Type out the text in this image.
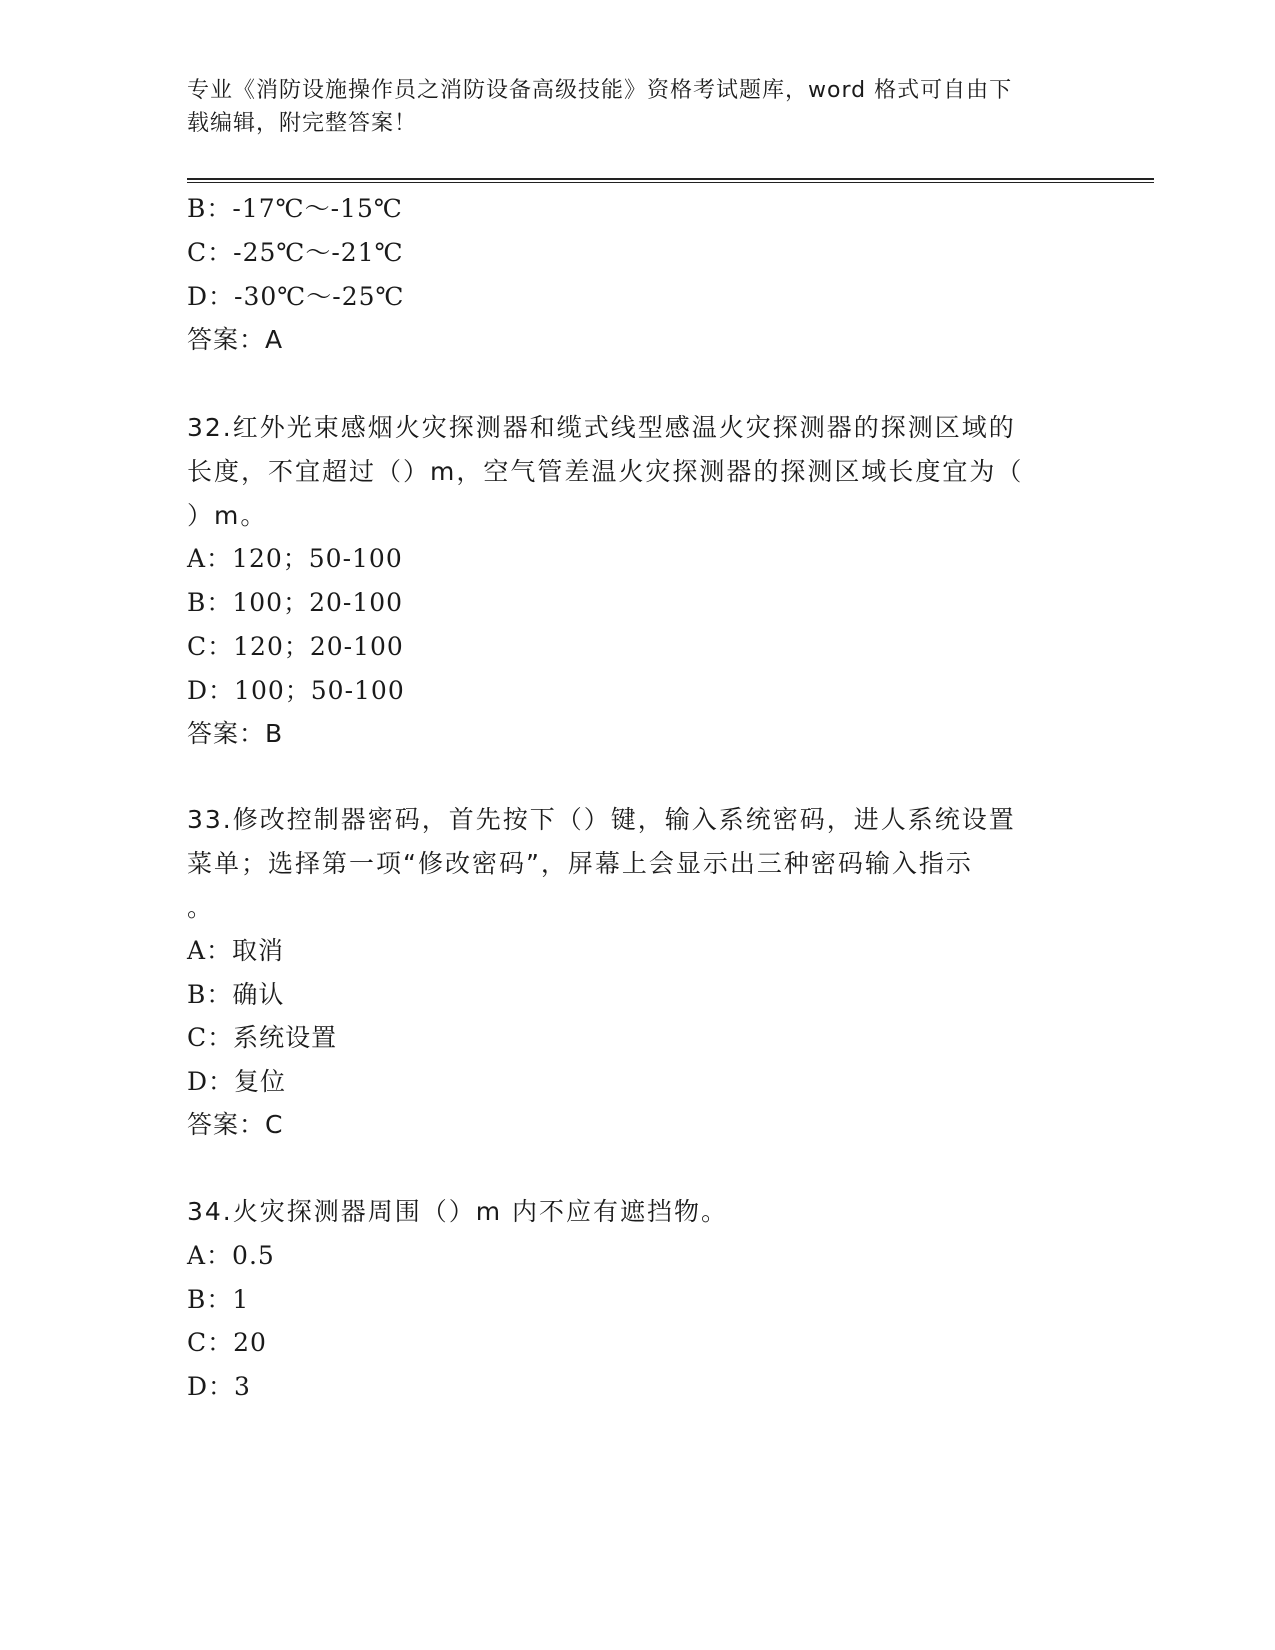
专业《消防设施操作员之消防设备高级技能》资格考试题库，word 格式可自由下
载编辑，附完整答案！
B：-17℃～-15℃
C：-25℃～-21℃
D：-30℃～-25℃
答案：A
32.红外光束感烟火灾探测器和缆式线型感温火灾探测器的探测区域的
长度，不宜超过（）m，空气管差温火灾探测器的探测区域长度宜为（
）m。
A：120；50-100
B：100；20-100
C：120；20-100
D：100；50-100
答案：B
33.修改控制器密码，首先按下（）键，输入系统密码，进人系统设置
菜单；选择第一项“修改密码”，屏幕上会显示出三种密码输入指示
。
A：取消
B：确认
C：系统设置
D：复位
答案：C
34.火灾探测器周围（）m 内不应有遮挡物。
A：0.5
B：1
C：20
D：3
